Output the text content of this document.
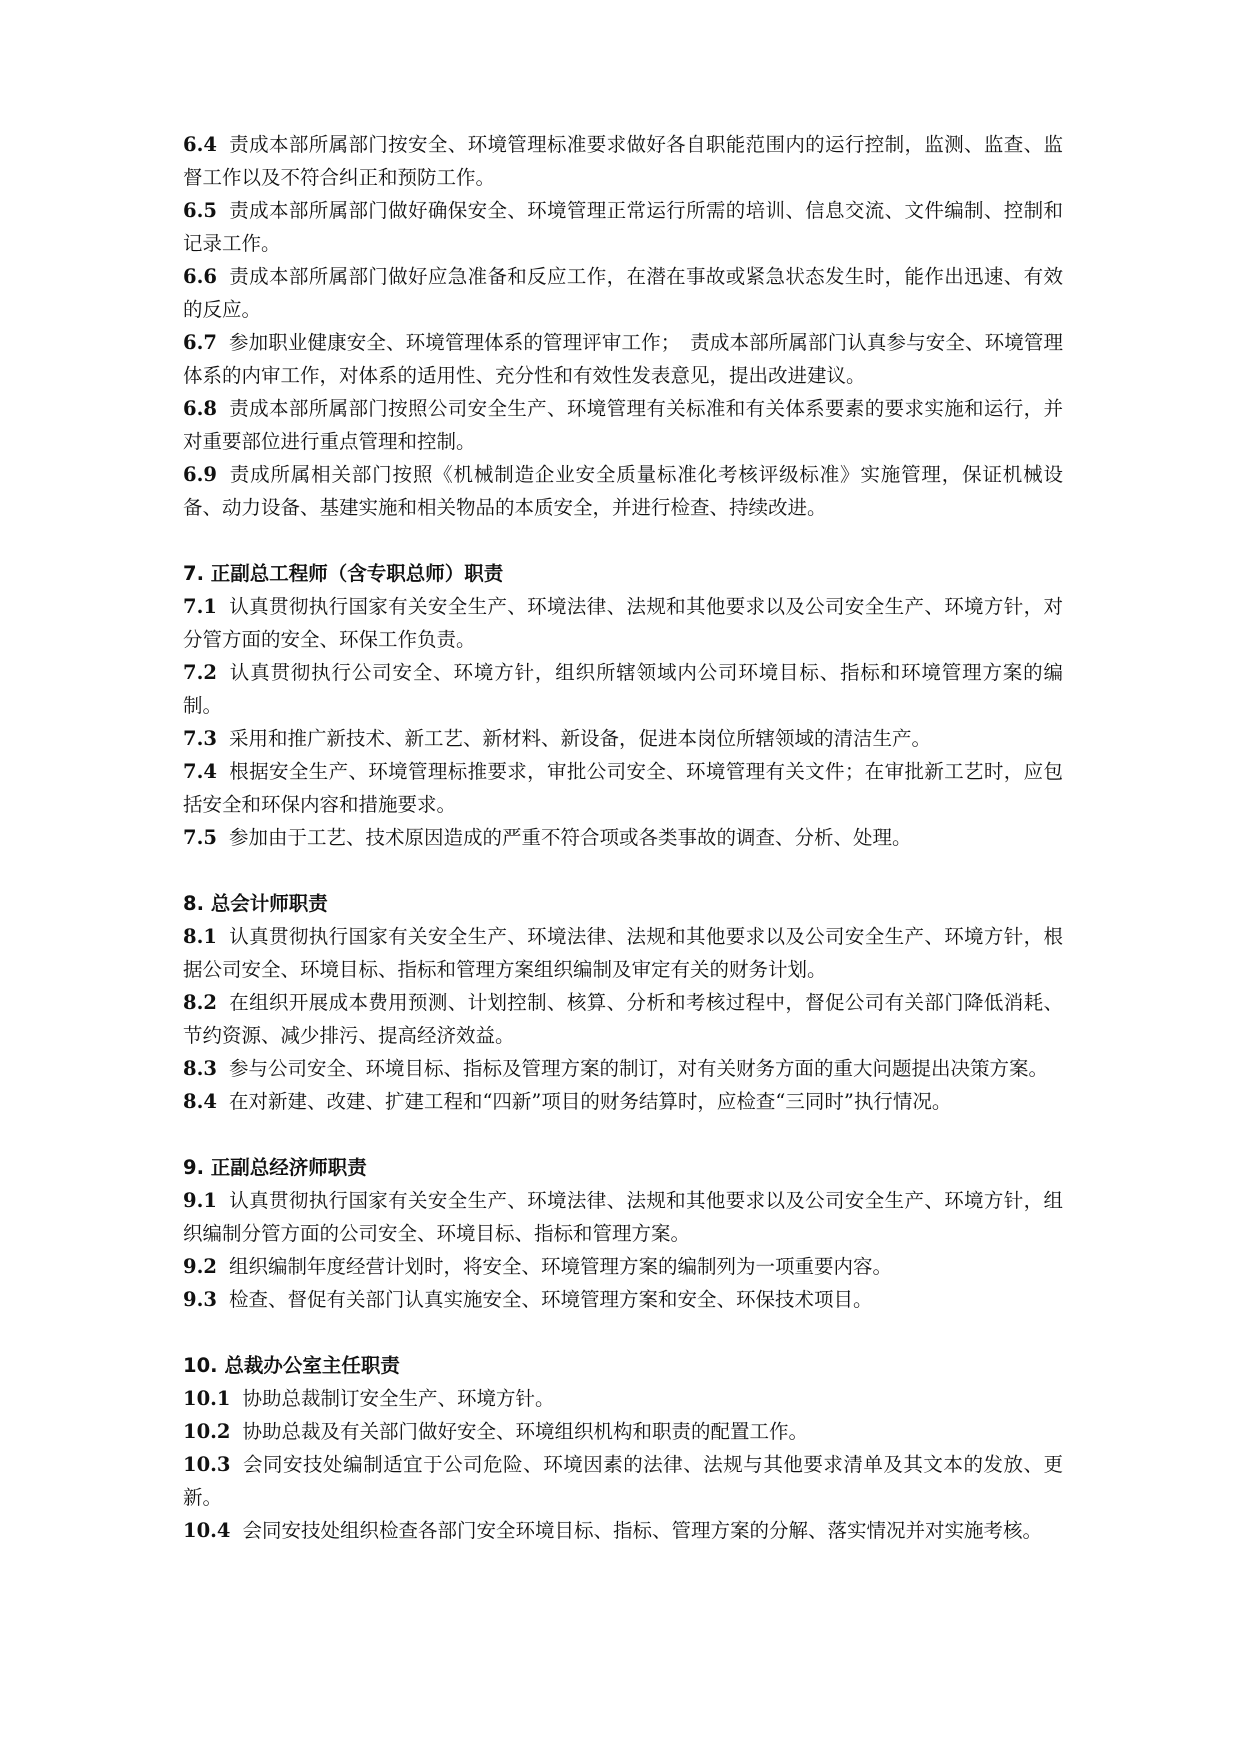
6.4 责成本部所属部门按安全、环境管理标准要求做好各自职能范围内的运行控制，监测、监查、监督工作以及不符合纠正和预防工作。

6.5 责成本部所属部门做好确保安全、环境管理正常运行所需的培训、信息交流、文件编制、控制和记录工作。

6.6 责成本部所属部门做好应急准备和反应工作，在潜在事故或紧急状态发生时，能作出迅速、有效的反应。

6.7 参加职业健康安全、环境管理体系的管理评审工作；　责成本部所属部门认真参与安全、环境管理体系的内审工作，对体系的适用性、充分性和有效性发表意见，提出改进建议。

6.8 责成本部所属部门按照公司安全生产、环境管理有关标准和有关体系要素的要求实施和运行，并对重要部位进行重点管理和控制。

6.9 责成所属相关部门按照《机械制造企业安全质量标准化考核评级标准》实施管理，保证机械设备、动力设备、基建实施和相关物品的本质安全，并进行检查、持续改进。

7. 正副总工程师（含专职总师）职责

7.1 认真贯彻执行国家有关安全生产、环境法律、法规和其他要求以及公司安全生产、环境方针，对分管方面的安全、环保工作负责。

7.2 认真贯彻执行公司安全、环境方针，组织所辖领域内公司环境目标、指标和环境管理方案的编制。

7.3 采用和推广新技术、新工艺、新材料、新设备，促进本岗位所辖领域的清洁生产。

7.4 根据安全生产、环境管理标推要求，审批公司安全、环境管理有关文件；在审批新工艺时，应包括安全和环保内容和措施要求。

7.5 参加由于工艺、技术原因造成的严重不符合项或各类事故的调查、分析、处理。

8. 总会计师职责

8.1 认真贯彻执行国家有关安全生产、环境法律、法规和其他要求以及公司安全生产、环境方针，根据公司安全、环境目标、指标和管理方案组织编制及审定有关的财务计划。

8.2 在组织开展成本费用预测、计划控制、核算、分析和考核过程中，督促公司有关部门降低消耗、节约资源、减少排污、提高经济效益。

8.3 参与公司安全、环境目标、指标及管理方案的制订，对有关财务方面的重大问题提出决策方案。

8.4 在对新建、改建、扩建工程和“四新”项目的财务结算时，应检查“三同时”执行情况。

9. 正副总经济师职责

9.1 认真贯彻执行国家有关安全生产、环境法律、法规和其他要求以及公司安全生产、环境方针，组织编制分管方面的公司安全、环境目标、指标和管理方案。

9.2 组织编制年度经营计划时，将安全、环境管理方案的编制列为一项重要内容。

9.3 检查、督促有关部门认真实施安全、环境管理方案和安全、环保技术项目。

10. 总裁办公室主任职责

10.1 协助总裁制订安全生产、环境方针。

10.2 协助总裁及有关部门做好安全、环境组织机构和职责的配置工作。

10.3 会同安技处编制适宜于公司危险、环境因素的法律、法规与其他要求清单及其文本的发放、更新。

10.4 会同安技处组织检查各部门安全环境目标、指标、管理方案的分解、落实情况并对实施考核。
